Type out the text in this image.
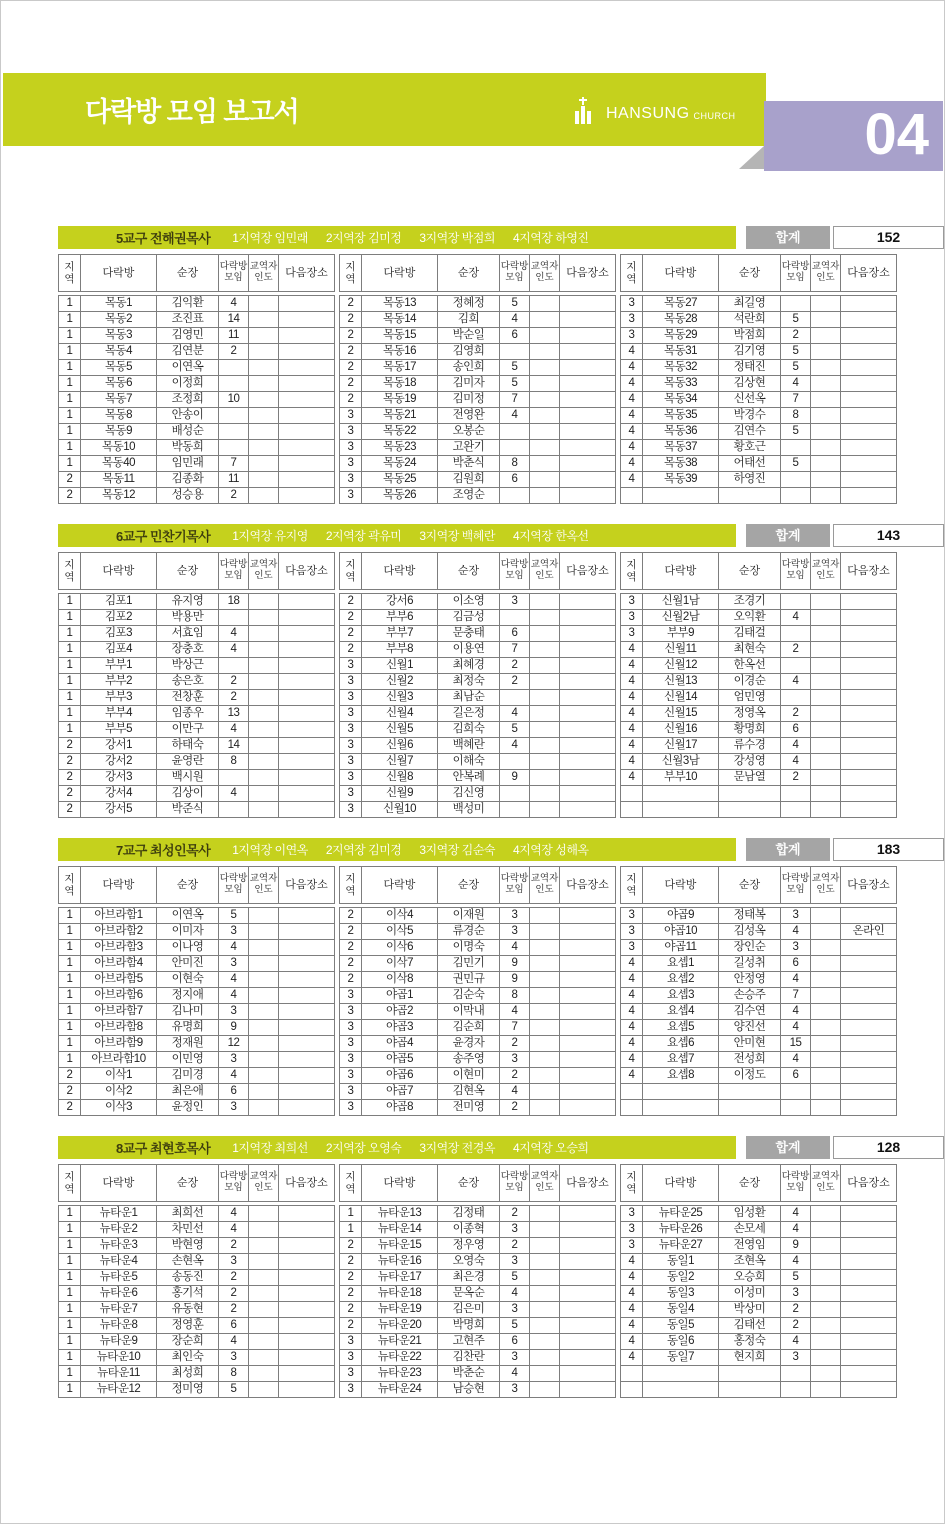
다락방 모임 보고서	HANSUNG CHURCH	04
5교구 전해권목사 1지역장 임민래 2지역장 김미정 3지역장 박점희 4지역장 하영진	합계	152
지
역	다락방	순장	다락방
모임	교역자
인도	다음장소
1	목동1	김익환	4		
1	목동2	조진표	14		
1	목동3	김영민	11		
1	목동4	김연분	2		
1	목동5	이연옥			
1	목동6	이정희			
1	목동7	조정희	10		
1	목동8	안송이			
1	목동9	배성순			
1	목동10	박동희			
1	목동40	임민래	7		
2	목동11	김종화	11		
2	목동12	성승용	2		
지
역	다락방	순장	다락방
모임	교역자
인도	다음장소
2	목동13	정혜정	5		
2	목동14	김희	4		
2	목동15	박순일	6		
2	목동16	김영희			
2	목동17	송인희	5		
2	목동18	김미자	5		
2	목동19	김미정	7		
3	목동21	전영완	4		
3	목동22	오봉순			
3	목동23	고완기			
3	목동24	박춘식	8		
3	목동25	김원희	6		
3	목동26	조영순			
지
역	다락방	순장	다락방
모임	교역자
인도	다음장소
3	목동27	최길영			
3	목동28	석란희	5		
3	목동29	박점희	2		
4	목동31	김기영	5		
4	목동32	정태진	5		
4	목동33	김상현	4		
4	목동34	신선옥	7		
4	목동35	박경수	8		
4	목동36	김연수	5		
4	목동37	황호근			
4	목동38	어태선	5		
4	목동39	하영진			

6교구 민찬기목사 1지역장 유지영 2지역장 곽유미 3지역장 백혜란 4지역장 한옥선	합계	143
지
역	다락방	순장	다락방
모임	교역자
인도	다음장소
1	김포1	유지영	18		
1	김포2	박용만			
1	김포3	서효임	4		
1	김포4	장충호	4		
1	부부1	박상근			
1	부부2	송은호	2		
1	부부3	전창훈	2		
1	부부4	임종우	13		
1	부부5	이만구	4		
2	강서1	하태숙	14		
2	강서2	윤영란	8		
2	강서3	백시원			
2	강서4	김상이	4		
2	강서5	박준식			
지
역	다락방	순장	다락방
모임	교역자
인도	다음장소
2	강서6	이소영	3		
2	부부6	김금성			
2	부부7	문충태	6		
2	부부8	이용연	7		
3	신월1	최혜경	2		
3	신월2	최정숙	2		
3	신월3	최남순			
3	신월4	길은정	4		
3	신월5	김희숙	5		
3	신월6	백혜란	4		
3	신월7	이해숙			
3	신월8	안복례	9		
3	신월9	김신영			
3	신월10	백성미			
지
역	다락방	순장	다락방
모임	교역자
인도	다음장소
3	신월1남	조경기			
3	신월2남	오익환	4		
3	부부9	김태걸			
4	신월11	최현숙	2		
4	신월12	한옥선			
4	신월13	이경순	4		
4	신월14	엄민영			
4	신월15	정영옥	2		
4	신월16	황명희	6		
4	신월17	류수경	4		
4	신월3남	강성영	4		
4	부부10	문남열	2		

7교구 최성인목사 1지역장 이연옥 2지역장 김미경 3지역장 김순숙 4지역장 성해옥	합계	183
지
역	다락방	순장	다락방
모임	교역자
인도	다음장소
1	아브라함1	이연옥	5		
1	아브라함2	이미자	3		
1	아브라함3	이나영	4		
1	아브라함4	안미진	3		
1	아브라함5	이현숙	4		
1	아브라함6	정지애	4		
1	아브라함7	김나미	3		
1	아브라함8	유명희	9		
1	아브라함9	정재원	12		
1	아브라함10	이민영	3		
2	이삭1	김미경	4		
2	이삭2	최은애	6		
2	이삭3	윤정인	3		
지
역	다락방	순장	다락방
모임	교역자
인도	다음장소
2	이삭4	이재원	3		
2	이삭5	류경순	3		
2	이삭6	이명숙	4		
2	이삭7	김민기	9		
2	이삭8	권민규	9		
3	야곱1	김순숙	8		
3	야곱2	이막내	4		
3	야곱3	김순희	7		
3	야곱4	윤경자	2		
3	야곱5	송주영	3		
3	야곱6	이현미	2		
3	야곱7	김현옥	4		
3	야곱8	전미영	2		
지
역	다락방	순장	다락방
모임	교역자
인도	다음장소
3	야곱9	정태복	3		
3	야곱10	김성옥	4		온라인
3	야곱11	장인순	3		
4	요셉1	길성취	6		
4	요셉2	안정영	4		
4	요셉3	손승주	7		
4	요셉4	김수연	4		
4	요셉5	양진선	4		
4	요셉6	안미현	15		
4	요셉7	전성희	4		
4	요셉8	이정도	6		

8교구 최현호목사 1지역장 최희선 2지역장 오영숙 3지역장 전경옥 4지역장 오승희	합계	128
지
역	다락방	순장	다락방
모임	교역자
인도	다음장소
1	뉴타운1	최희선	4		
1	뉴타운2	차민선	4		
1	뉴타운3	박현영	2		
1	뉴타운4	손현옥	3		
1	뉴타운5	송동진	2		
1	뉴타운6	홍기석	2		
1	뉴타운7	유동현	2		
1	뉴타운8	정영훈	6		
1	뉴타운9	장순희	4		
1	뉴타운10	최인숙	3		
1	뉴타운11	최성희	8		
1	뉴타운12	정미영	5		
지
역	다락방	순장	다락방
모임	교역자
인도	다음장소
1	뉴타운13	김정태	2		
1	뉴타운14	이종혁	3		
2	뉴타운15	정우영	2		
2	뉴타운16	오영숙	3		
2	뉴타운17	최은경	5		
2	뉴타운18	문옥순	4		
2	뉴타운19	김은미	3		
2	뉴타운20	박명희	5		
3	뉴타운21	고현주	6		
3	뉴타운22	김찬란	3		
3	뉴타운23	박춘순	4		
3	뉴타운24	남승현	3		
지
역	다락방	순장	다락방
모임	교역자
인도	다음장소
3	뉴타운25	임성환	4		
3	뉴타운26	손모세	4		
3	뉴타운27	전영임	9		
4	동일1	조현옥	4		
4	동일2	오승희	5		
4	동일3	이성미	3		
4	동일4	박상미	2		
4	동일5	김태선	2		
4	동일6	홍정숙	4		
4	동일7	현지희	3		
